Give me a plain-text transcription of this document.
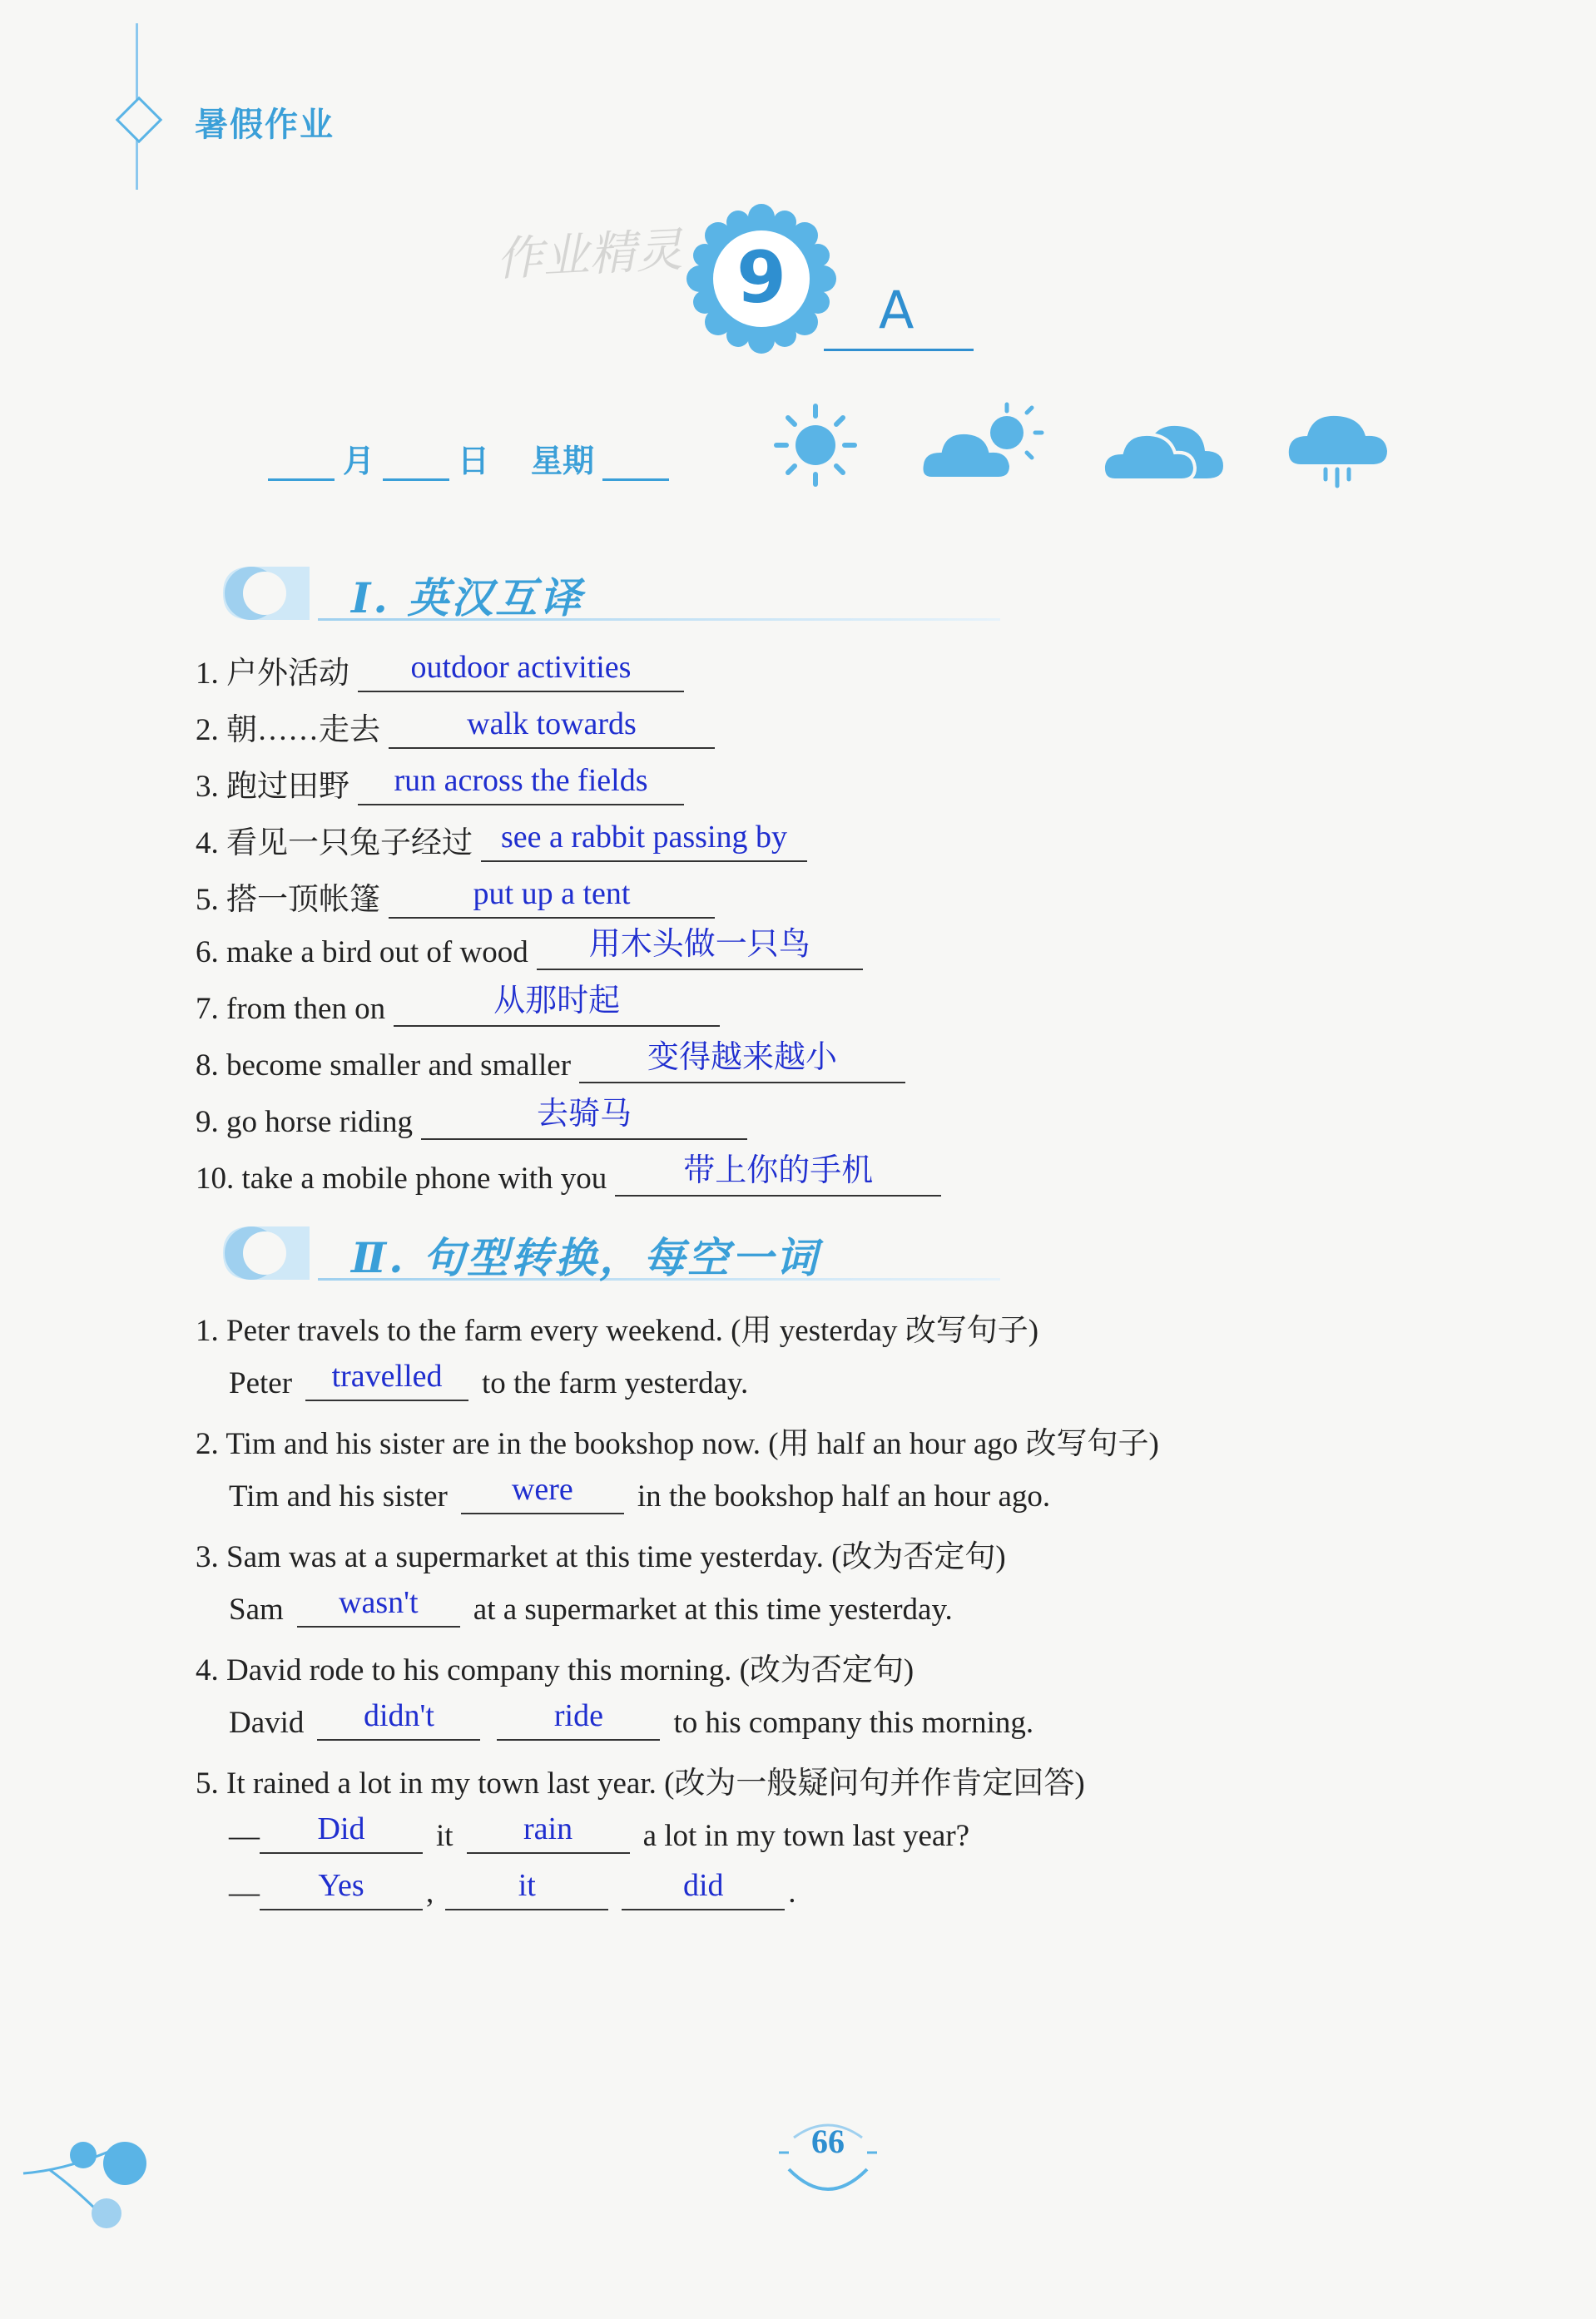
暑假作业
作业精灵 9 A
月	日 星期
Ⅰ. 英汉互译
1. 户外活动	outdoor activities
2. 朝……走去	walk towards
3. 跑过田野	run across the fields
4. 看见一只兔子经过 see a rabbit passing by
5. 搭一顶帐篷	put up a tent
6. make a bird out of wood	用木头做一只鸟
7. from then on	从那时起
8. become smaller and smaller	变得越来越小
9. go horse riding	去骑马
10. take a mobile phone with you	带上你的手机
Ⅱ. 句型转换，每空一词
1. Peter travels to the farm every weekend. (用 yesterday 改写句子)
Peter	travelled	to the farm yesterday.
2. Tim and his sister are in the bookshop now. (用 half an hour ago 改写句子)
Tim and his sister	were	in the bookshop half an hour ago.
3. Sam was at a supermarket at this time yesterday. (改为否定句)
Sam	wasn't	at a supermarket at this time yesterday.
4. David rode to his company this morning. (改为否定句)
David	didn't	ride	to his company this morning.
5. It rained a lot in my town last year. (改为一般疑问句并作肯定回答)
—	Did	it	rain	a lot in my town last year?
—	Yes	,	it	did	.
66
